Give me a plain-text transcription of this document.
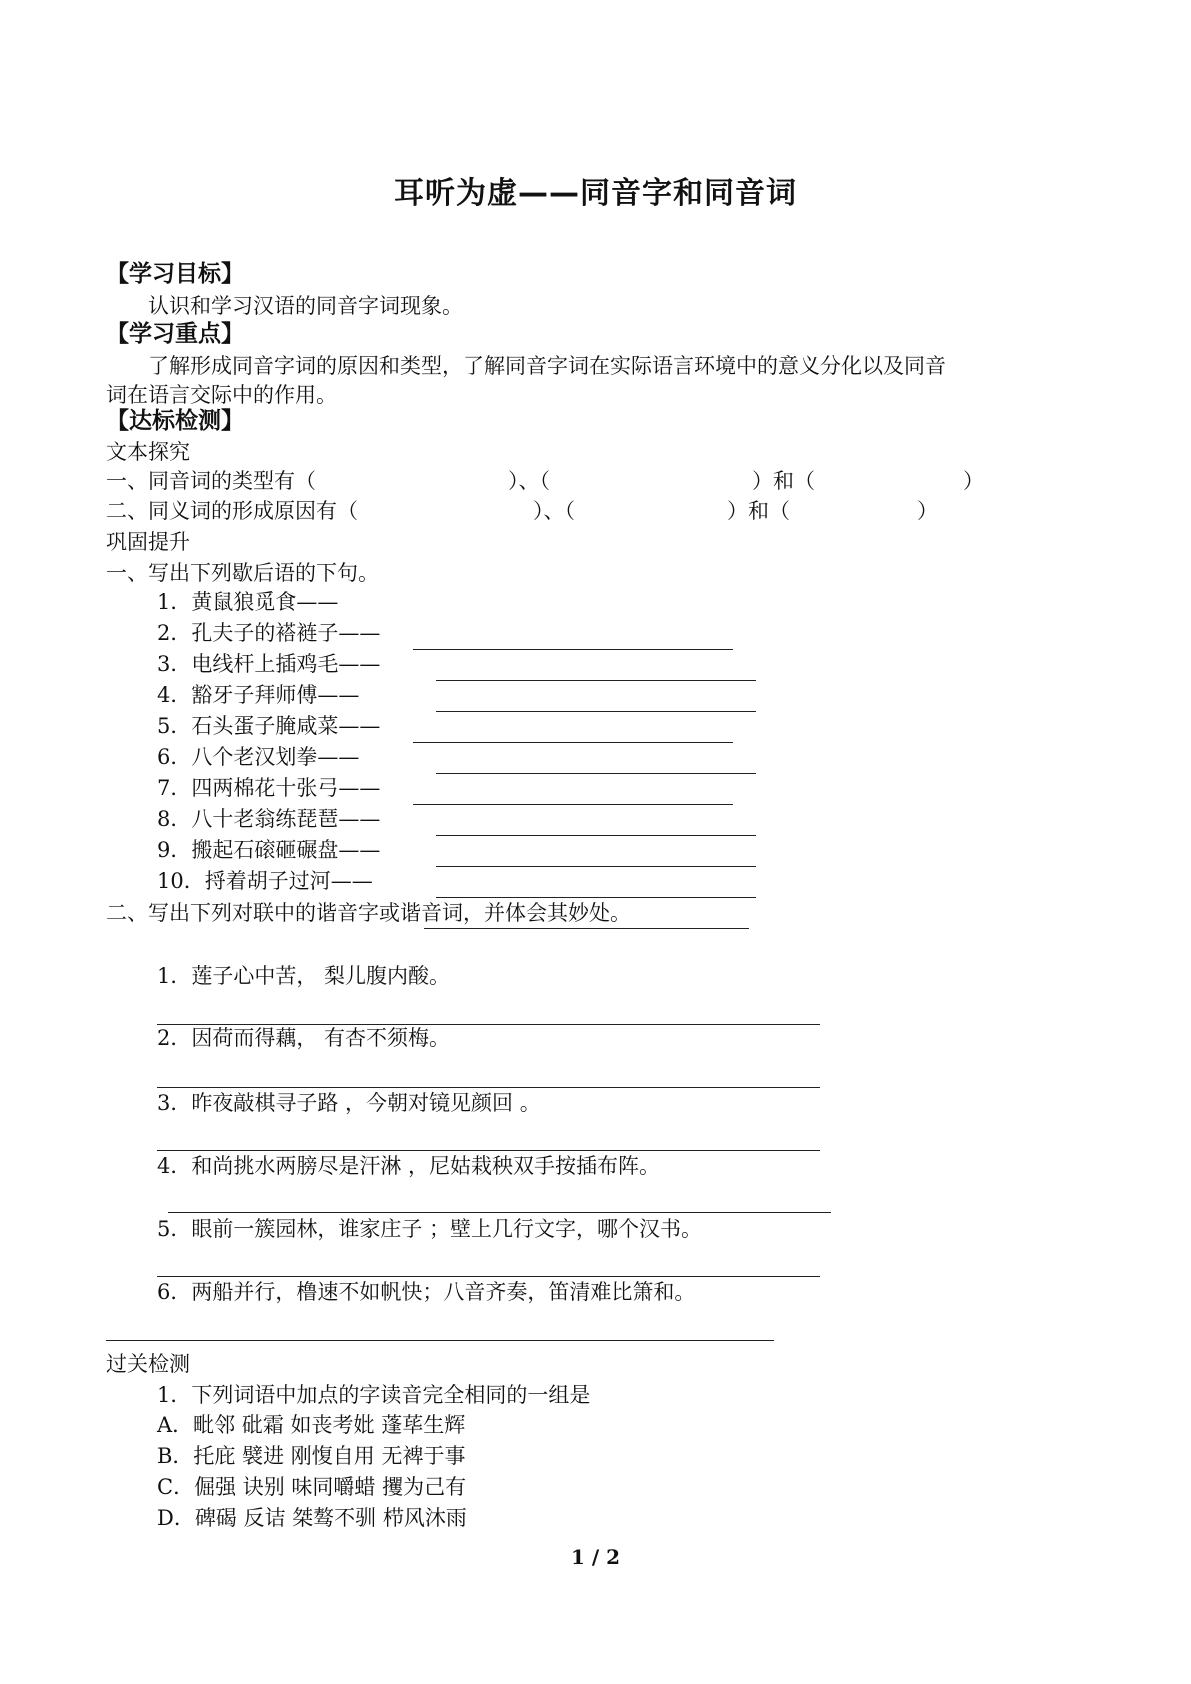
耳听为虚——同音字和同音词
【学习目标】
认识和学习汉语的同音字词现象。
【学习重点】
了解形成同音字词的原因和类型，了解同音字词在实际语言环境中的意义分化以及同音
词在语言交际中的作用。
【达标检测】
文本探究
一、同音词的类型有（	）、（	）和（	）
二、同义词的形成原因有（	）、（	）和（	）
巩固提升
一、写出下列歇后语的下句。
1．黄鼠狼觅食——
2．孔夫子的褡裢子——
3．电线杆上插鸡毛——
4．豁牙子拜师傅——
5．石头蛋子腌咸菜——
6．八个老汉划拳——
7．四两棉花十张弓——
8．八十老翁练琵琶——
9．搬起石磙砸碾盘——
10．捋着胡子过河——
二、写出下列对联中的谐音字或谐音词，并体会其妙处。
1．莲子心中苦， 梨儿腹内酸。
2．因荷而得藕， 有杏不须梅。
3．昨夜敲棋寻子路 ，今朝对镜见颜回 。
4．和尚挑水两膀尽是汗淋 ，尼姑栽秧双手按插布阵。
5．眼前一簇园林，谁家庄子 ；壁上几行文字，哪个汉书。
6．两船并行，橹速不如帆快；八音齐奏，笛清难比箫和。
过关检测
1．下列词语中加点的字读音完全相同的一组是
A．毗邻 砒霜 如丧考妣 蓬荜生辉
B．托庇 襞进 刚愎自用 无裨于事
C．倔强 诀别 味同嚼蜡 攫为己有
D．碑碣 反诘 桀骜不驯 栉风沐雨
1 / 2
